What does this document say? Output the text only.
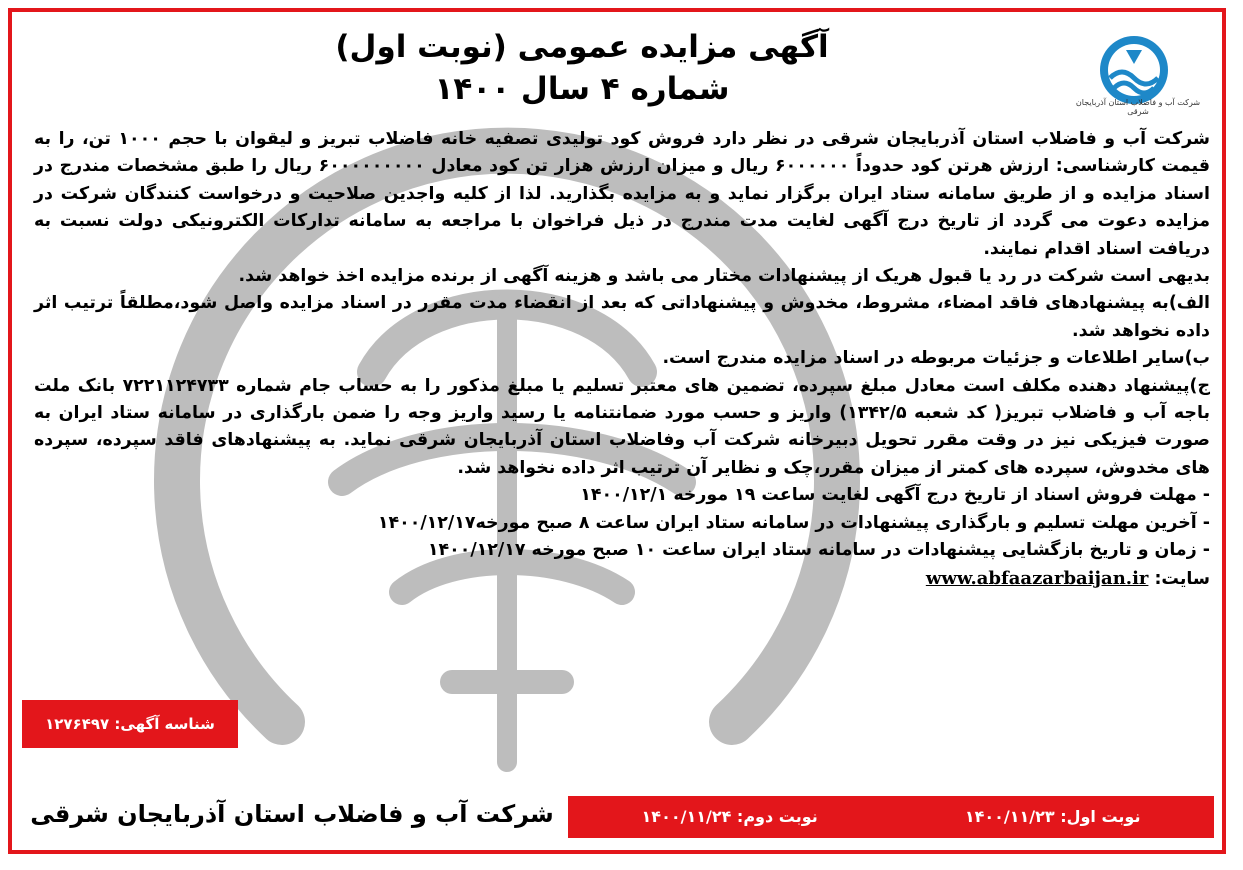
شرکت آب و فاضلاب استان آذربایجان شرقی
آگهی مزایده عمومی (نوبت اول)
شماره ۴ سال ۱۴۰۰

شرکت آب و فاضلاب استان آذربایجان شرقی در نظر دارد فروش کود تولیدی تصفیه خانه فاضلاب تبریز و لیقوان با حجم ۱۰۰۰ تن، را به قیمت کارشناسی: ارزش هرتن کود حدوداً ۶۰۰۰۰۰۰ ریال و میزان ارزش هزار تن کود معادل ۶۰۰۰۰۰۰۰۰۰ ریال را طبق مشخصات مندرج در اسناد مزایده و از طریق سامانه ستاد ایران برگزار نماید و به مزایده بگذارید. لذا از کلیه واجدین صلاحیت و درخواست کنندگان شرکت در مزایده دعوت می گردد از تاریخ درج آگهی لغایت مدت مندرج در ذیل فراخوان با مراجعه به سامانه تدارکات الکترونیکی دولت نسبت به دریافت اسناد اقدام نمایند.

بدیهی است شرکت در رد یا قبول هریک از پیشنهادات مختار می باشد و هزینه آگهی از برنده مزایده اخذ خواهد شد.

الف)به پیشنهادهای فاقد امضاء، مشروط، مخدوش و پیشنهاداتی که بعد از انقضاء مدت مقرر در اسناد مزایده واصل شود،مطلقاً ترتیب اثر داده نخواهد شد.

ب)سایر اطلاعات و جزئیات مربوطه در اسناد مزایده مندرج است.

ج)پیشنهاد دهنده مکلف است معادل مبلغ سپرده، تضمین های معتبر تسلیم یا مبلغ مذکور را به حساب جام شماره ۷۲۲۱۱۲۴۷۳۳ بانک ملت باجه آب و فاضلاب تبریز( کد شعبه ۱۳۴۲/۵) واریز و حسب مورد ضمانتنامه یا رسید واریز وجه را ضمن بارگذاری در سامانه ستاد ایران به صورت فیزیکی نیز در وقت مقرر تحویل دبیرخانه شرکت آب وفاضلاب استان آذربایجان شرقی نماید. به پیشنهادهای فاقد سپرده، سپرده های مخدوش، سپرده های کمتر از میزان مقرر،چک و نظایر آن ترتیب اثر داده نخواهد شد.

- مهلت فروش اسناد از تاریخ درج آگهی لغایت ساعت ۱۹ مورخه ۱۴۰۰/۱۲/۱

- آخرین مهلت تسلیم و بارگذاری پیشنهادات در سامانه ستاد ایران ساعت ۸ صبح مورخه۱۴۰۰/۱۲/۱۷

- زمان و تاریخ بازگشایی پیشنهادات در سامانه ستاد ایران ساعت ۱۰ صبح مورخه ۱۴۰۰/۱۲/۱۷

سایت: www.abfaazarbaijan.ir

شناسه آگهی: ۱۲۷۶۴۹۷
شرکت آب و فاضلاب استان آذربایجان شرقی	نوبت اول: ۱۴۰۰/۱۱/۲۳
نوبت دوم: ۱۴۰۰/۱۱/۲۴
